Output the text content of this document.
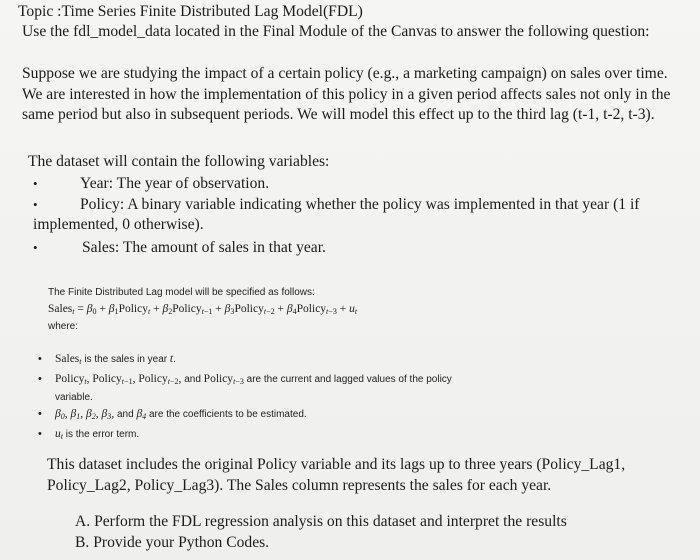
Topic :Time Series Finite Distributed Lag Model(FDL)
Use the fdl_model_data located in the Final Module of the Canvas to answer the following question:
Suppose we are studying the impact of a certain policy (e.g., a marketing campaign) on sales over time. We are interested in how the implementation of this policy in a given period affects sales not only in the same period but also in subsequent periods. We will model this effect up to the third lag (t-1, t-2, t-3).
The dataset will contain the following variables:
•	Year: The year of observation.
•	Policy: A binary variable indicating whether the policy was implemented in that year (1 if
implemented, 0 otherwise).
•	Sales: The amount of sales in that year.
The Finite Distributed Lag model will be specified as follows:
Sales$_t$ = $\beta_0$ + $\beta_1Policy_t$ + $\beta_2Policy_{t-1}$ + $\beta_3Policy_{t-2}$ + $\beta_4Policy_{t-3} + u_t$
where:
• Sales$_t$ is the sales in year t.
• Policy$_t$, Policy$_{t-1}$, Policy$_{t-2}$, and Policy$_{t-3}$ are the current and lagged values of the policy
variable.
• $\beta_0$, $\beta_1$, $\beta_2$, $\beta_3$, and $\beta_4$ are the coefficients to be estimated.
• $u_t$ is the error term.
This dataset includes the original Policy variable and its lags up to three years (Policy_Lag1, Policy_Lag2, Policy_Lag3). The Sales column represents the sales for each year.
A. Perform the FDL regression analysis on this dataset and interpret the results
B. Provide your Python Codes.
